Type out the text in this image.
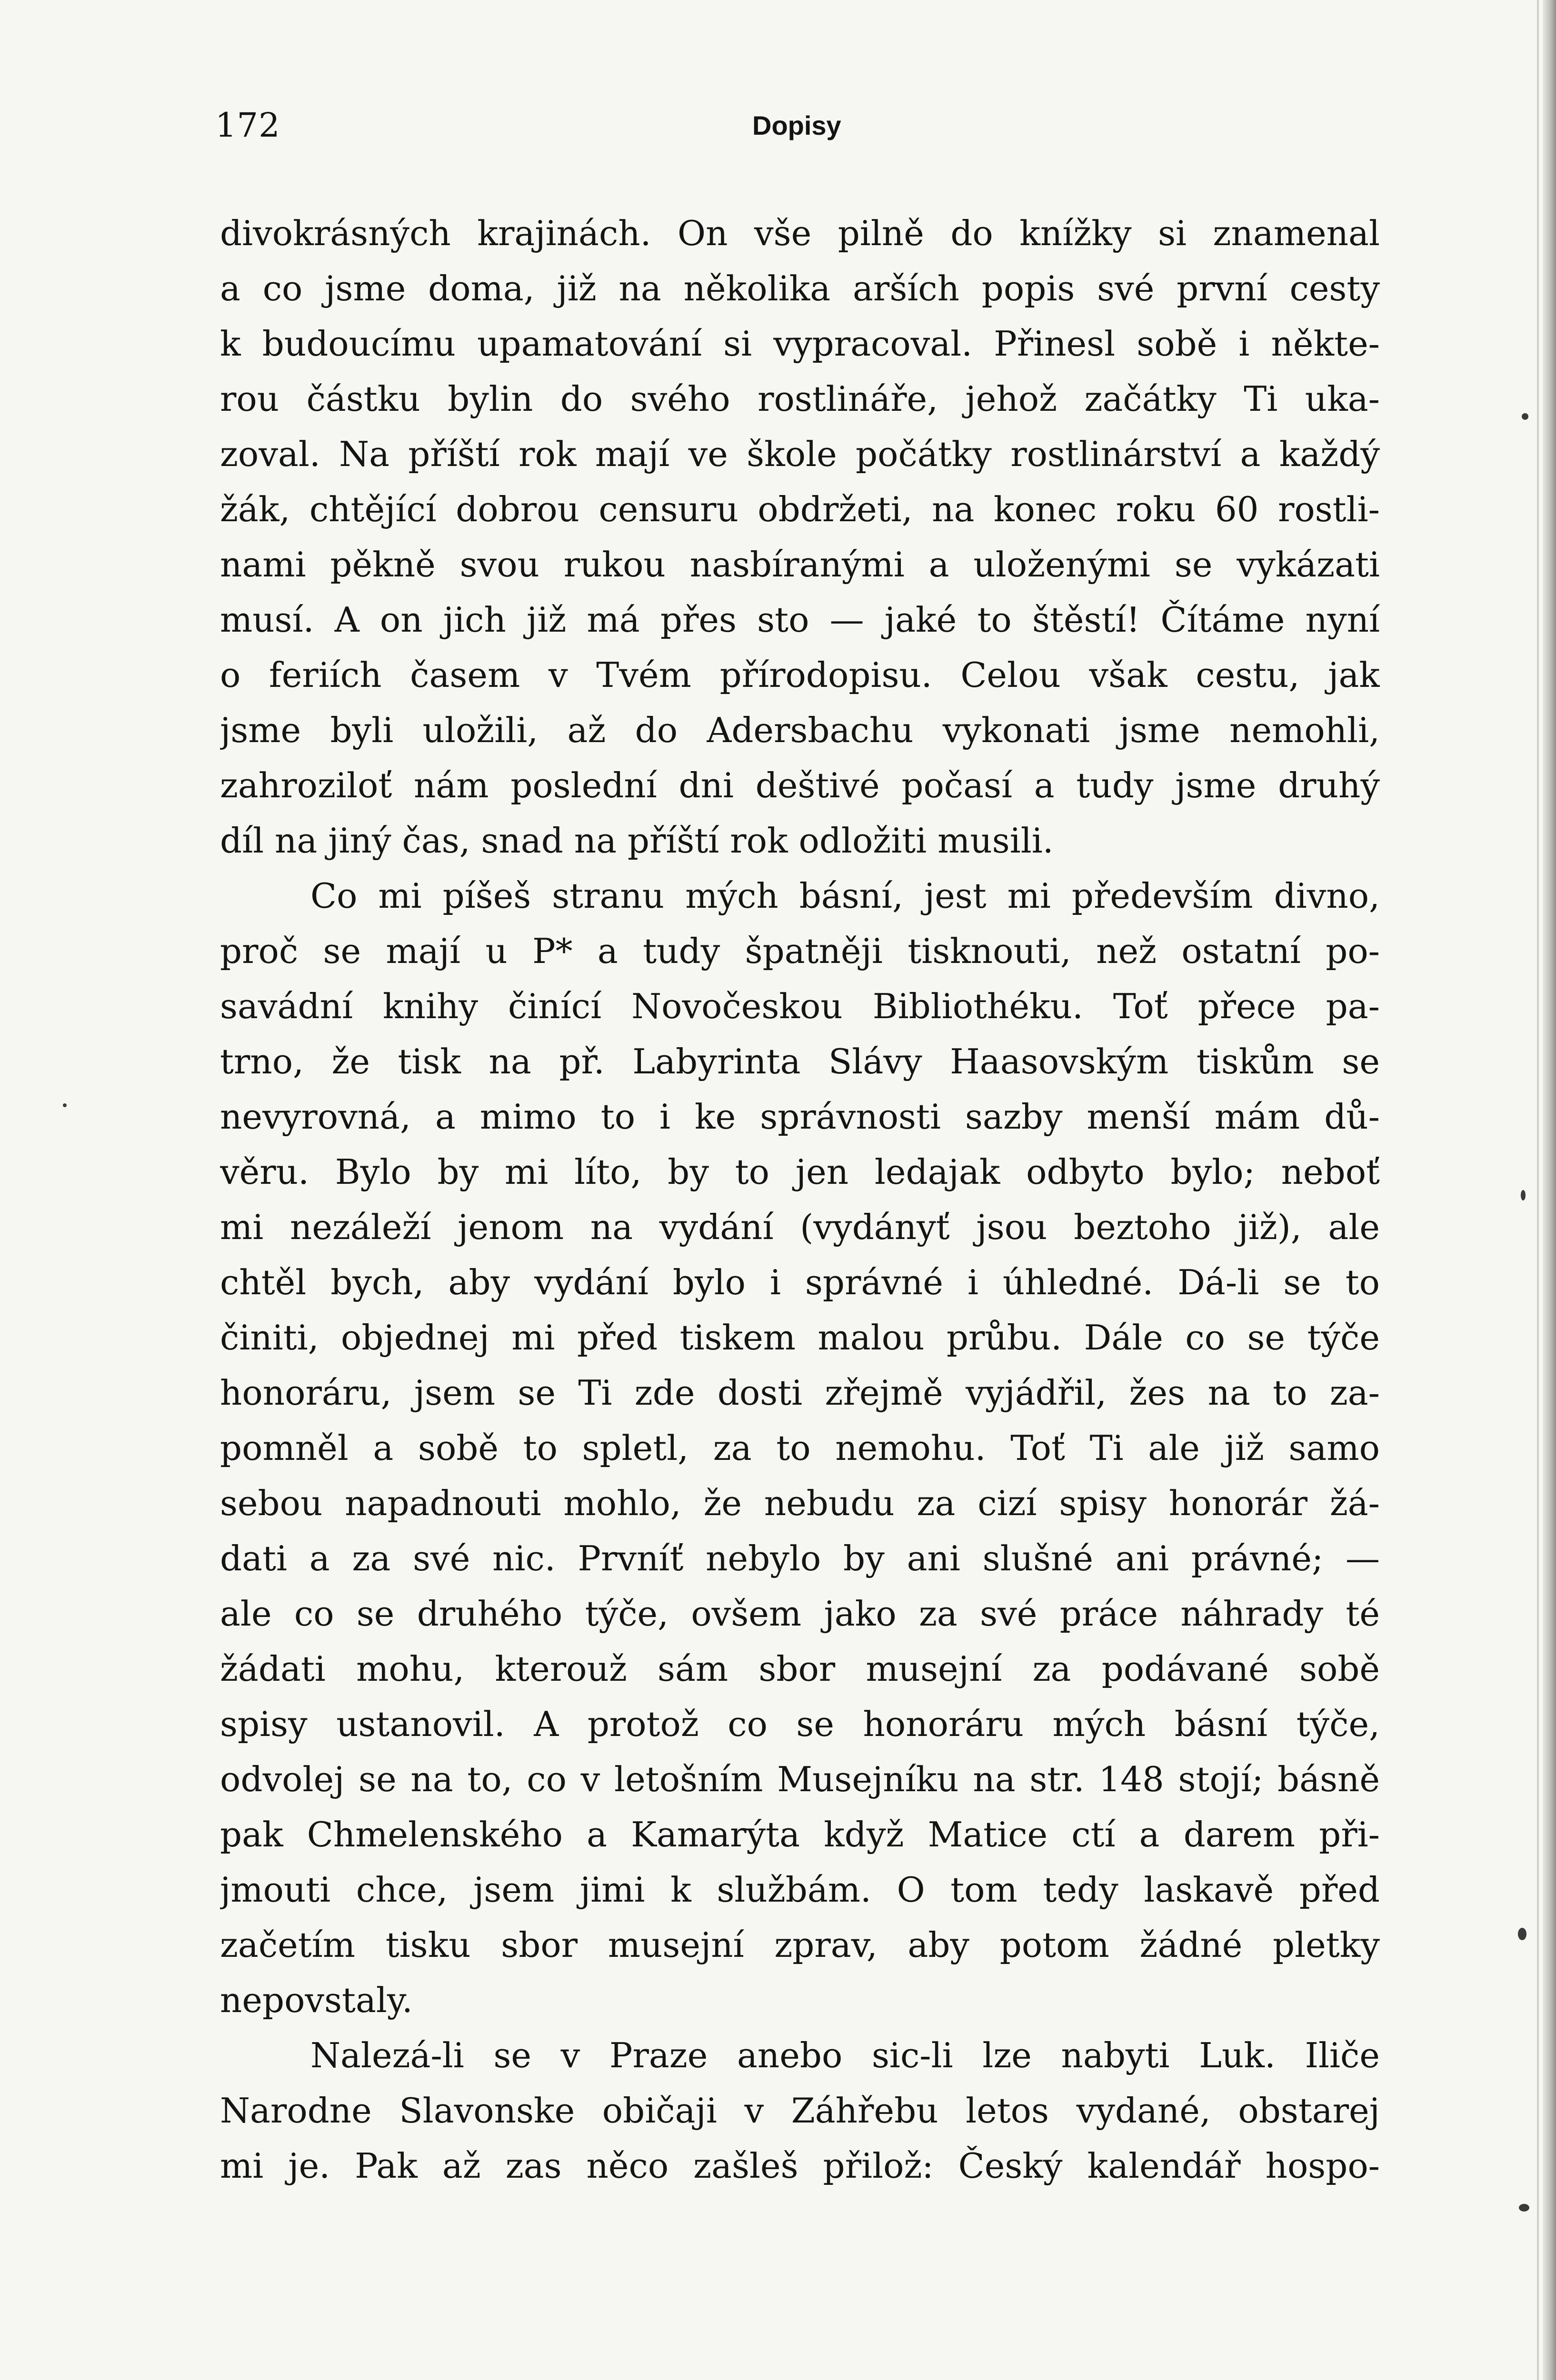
172	Dopisy
divokrásných krajinách. On vše pilně do knížky si znamenal
a co jsme doma, již na několika arších popis své první cesty
k budoucímu upamatování si vypracoval. Přinesl sobě i někte-
rou částku bylin do svého rostlináře, jehož začátky Ti uka-
zoval. Na příští rok mají ve škole počátky rostlinárství a každý
žák, chtějící dobrou censuru obdržeti, na konec roku 60 rostli-
nami pěkně svou rukou nasbíranými a uloženými se vykázati
musí. A on jich již má přes sto — jaké to štěstí! Čítáme nyní
o feriích časem v Tvém přírodopisu. Celou však cestu, jak
jsme byli uložili, až do Adersbachu vykonati jsme nemohli,
zahroziloť nám poslední dni deštivé počasí a tudy jsme druhý
díl na jiný čas, snad na příští rok odložiti musili.
Co mi píšeš stranu mých básní, jest mi především divno,
proč se mají u P* a tudy špatněji tisknouti, než ostatní po-
savádní knihy činící Novočeskou Bibliothéku. Toť přece pa-
trno, že tisk na př. Labyrinta Slávy Haasovským tiskům se
nevyrovná, a mimo to i ke správnosti sazby menší mám dů-
věru. Bylo by mi líto, by to jen ledajak odbyto bylo; neboť
mi nezáleží jenom na vydání (vydányť jsou beztoho již), ale
chtěl bych, aby vydání bylo i správné i úhledné. Dá-li se to
činiti, objednej mi před tiskem malou průbu. Dále co se týče
honoráru, jsem se Ti zde dosti zřejmě vyjádřil, žes na to za-
pomněl a sobě to spletl, za to nemohu. Toť Ti ale již samo
sebou napadnouti mohlo, že nebudu za cizí spisy honorár žá-
dati a za své nic. Prvníť nebylo by ani slušné ani právné; —
ale co se druhého týče, ovšem jako za své práce náhrady té
žádati mohu, kterouž sám sbor musejní za podávané sobě
spisy ustanovil. A protož co se honoráru mých básní týče,
odvolej se na to, co v letošním Musejníku na str. 148 stojí; básně
pak Chmelenského a Kamarýta když Matice ctí a darem při-
jmouti chce, jsem jimi k službám. O tom tedy laskavě před
začetím tisku sbor musejní zprav, aby potom žádné pletky
nepovstaly.
Nalezá-li se v Praze anebo sic-li lze nabyti Luk. Iliče
Narodne Slavonske običaji v Záhřebu letos vydané, obstarej
mi je. Pak až zas něco zašleš přilož: Český kalendář hospo-
